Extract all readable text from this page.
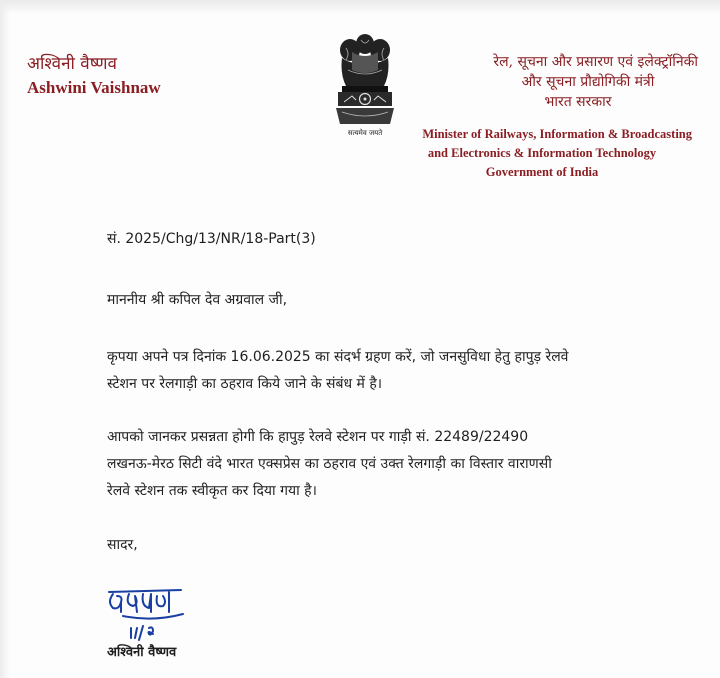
अश्विनी वैष्णव
Ashwini Vaishnaw
सत्यमेव जयते
रेल, सूचना और प्रसारण एवं इलेक्ट्रॉनिकी
और सूचना प्रौद्योगिकी मंत्री
भारत सरकार
Minister of Railways, Information & Broadcasting
and Electronics & Information Technology
Government of India
सं. 2025/Chg/13/NR/18-Part(3)
माननीय श्री कपिल देव अग्रवाल जी,
कृपया अपने पत्र दिनांक 16.06.2025 का संदर्भ ग्रहण करें, जो जनसुविधा हेतु हापुड़ रेलवे
स्टेशन पर रेलगाड़ी का ठहराव किये जाने के संबंध में है।
आपको जानकर प्रसन्नता होगी कि हापुड़ रेलवे स्टेशन पर गाड़ी सं. 22489/22490
लखनऊ-मेरठ सिटी वंदे भारत एक्सप्रेस का ठहराव एवं उक्त रेलगाड़ी का विस्तार वाराणसी
रेलवे स्टेशन तक स्वीकृत कर दिया गया है।
सादर,
अश्विनी वैष्णव
